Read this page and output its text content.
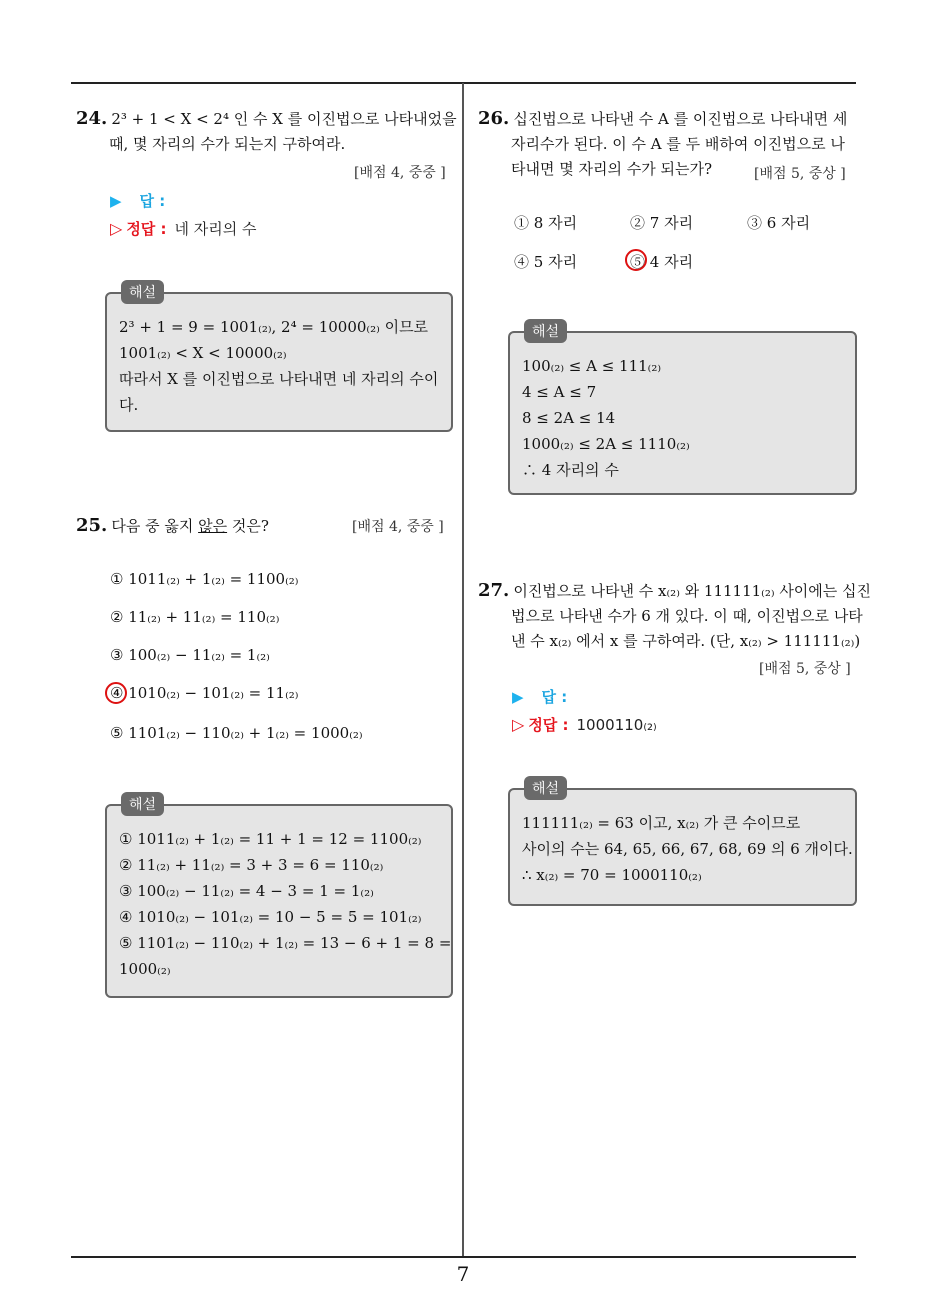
7
24. 2³ + 1 < X < 2⁴ 인 수 X 를 이진법으로 나타내었을
때, 몇 자리의 수가 되는지 구하여라.
[배점 4, 중중 ]
▶ 답 :
▷ 정답 : 네 자리의 수
해설
2³ + 1 = 9 = 1001₍₂₎, 2⁴ = 10000₍₂₎ 이므로
1001₍₂₎ < X < 10000₍₂₎
따라서 X 를 이진법으로 나타내면 네 자리의 수이
다.
25. 다음 중 옳지 않은 것은?	[배점 4, 중중 ]
① 1011₍₂₎ + 1₍₂₎ = 1100₍₂₎
② 11₍₂₎ + 11₍₂₎ = 110₍₂₎
③ 100₍₂₎ − 11₍₂₎ = 1₍₂₎
④ 1010₍₂₎ − 101₍₂₎ = 11₍₂₎
⑤ 1101₍₂₎ − 110₍₂₎ + 1₍₂₎ = 1000₍₂₎
해설
① 1011₍₂₎ + 1₍₂₎ = 11 + 1 = 12 = 1100₍₂₎
② 11₍₂₎ + 11₍₂₎ = 3 + 3 = 6 = 110₍₂₎
③ 100₍₂₎ − 11₍₂₎ = 4 − 3 = 1 = 1₍₂₎
④ 1010₍₂₎ − 101₍₂₎ = 10 − 5 = 5 = 101₍₂₎
⑤ 1101₍₂₎ − 110₍₂₎ + 1₍₂₎ = 13 − 6 + 1 = 8 =
1000₍₂₎
26. 십진법으로 나타낸 수 A 를 이진법으로 나타내면 세
자리수가 된다. 이 수 A 를 두 배하여 이진법으로 나
타내면 몇 자리의 수가 되는가?	[배점 5, 중상 ]
① 8 자리	② 7 자리	③ 6 자리
④ 5 자리	⑤ 4 자리
해설
100₍₂₎ ≤ A ≤ 111₍₂₎
4 ≤ A ≤ 7
8 ≤ 2A ≤ 14
1000₍₂₎ ≤ 2A ≤ 1110₍₂₎
∴ 4 자리의 수
27. 이진법으로 나타낸 수 x₍₂₎ 와 111111₍₂₎ 사이에는 십진
법으로 나타낸 수가 6 개 있다. 이 때, 이진법으로 나타
낸 수 x₍₂₎ 에서 x 를 구하여라. (단, x₍₂₎ > 111111₍₂₎)
[배점 5, 중상 ]
▶ 답 :
▷ 정답 : 1000110₍₂₎
해설
111111₍₂₎ = 63 이고, x₍₂₎ 가 큰 수이므로
사이의 수는 64, 65, 66, 67, 68, 69 의 6 개이다.
∴ x₍₂₎ = 70 = 1000110₍₂₎
